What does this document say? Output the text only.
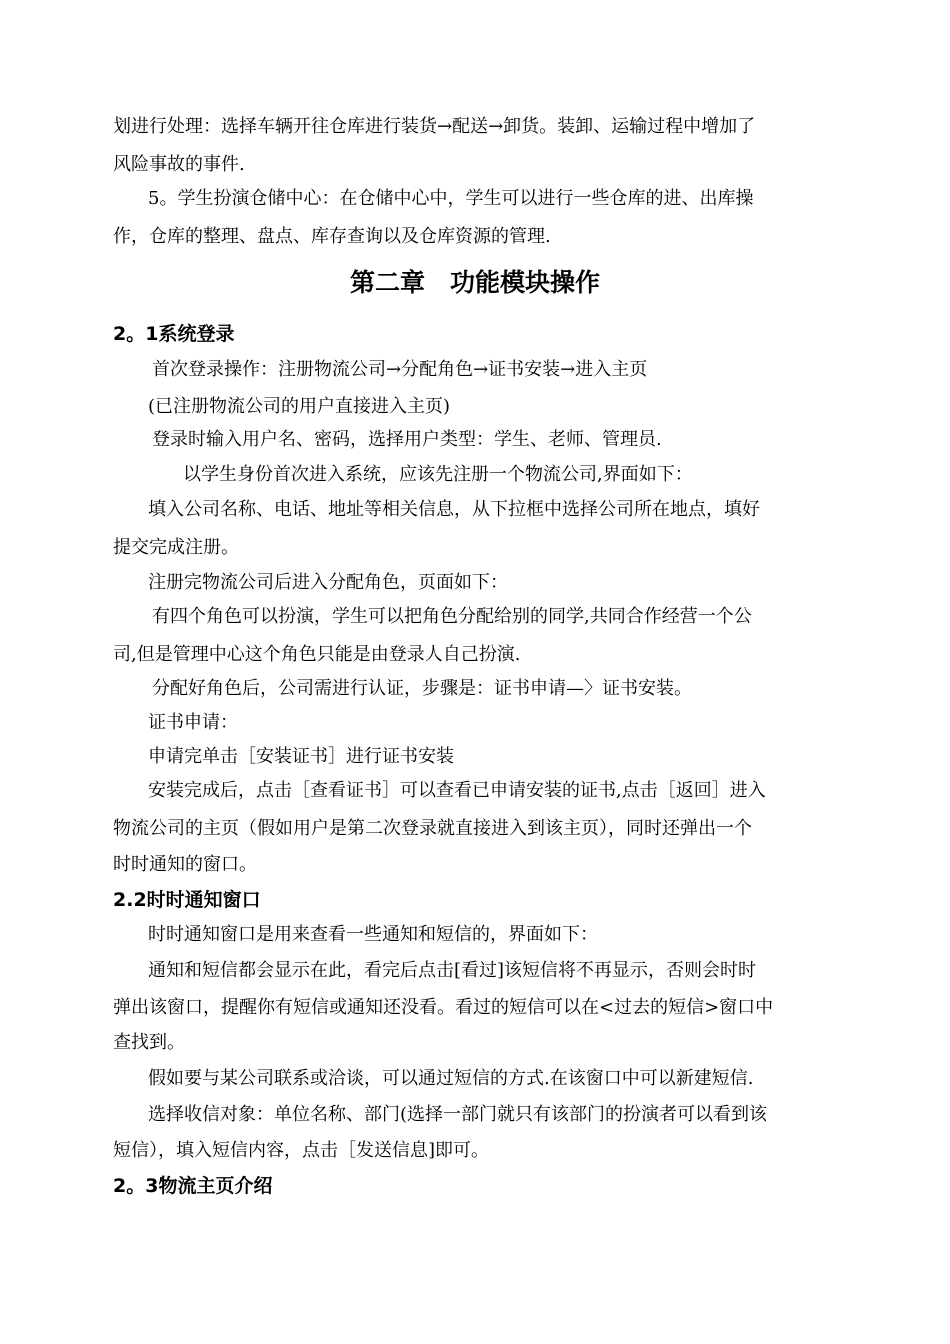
划进行处理：选择车辆开往仓库进行装货→配送→卸货。装卸、运输过程中增加了
风险事故的事件.
5。学生扮演仓储中心：在仓储中心中，学生可以进行一些仓库的进、出库操
作，仓库的整理、盘点、库存查询以及仓库资源的管理.
第二章　功能模块操作
2。1系统登录
首次登录操作：注册物流公司→分配角色→证书安装→进入主页
(已注册物流公司的用户直接进入主页)
登录时输入用户名、密码，选择用户类型：学生、老师、管理员.
以学生身份首次进入系统，应该先注册一个物流公司,界面如下：
填入公司名称、电话、地址等相关信息，从下拉框中选择公司所在地点，填好
提交完成注册。
注册完物流公司后进入分配角色，页面如下：
有四个角色可以扮演，学生可以把角色分配给别的同学,共同合作经营一个公
司,但是管理中心这个角色只能是由登录人自己扮演.
分配好角色后，公司需进行认证，步骤是：证书申请—〉证书安装。
证书申请：
申请完单击［安装证书］进行证书安装
安装完成后，点击［查看证书］可以查看已申请安装的证书,点击［返回］进入
物流公司的主页（假如用户是第二次登录就直接进入到该主页），同时还弹出一个
时时通知的窗口。
2.2时时通知窗口
时时通知窗口是用来查看一些通知和短信的，界面如下：
通知和短信都会显示在此，看完后点击[看过]该短信将不再显示，否则会时时
弹出该窗口，提醒你有短信或通知还没看。看过的短信可以在<过去的短信>窗口中
查找到。
假如要与某公司联系或洽谈，可以通过短信的方式.在该窗口中可以新建短信.
选择收信对象：单位名称、部门(选择一部门就只有该部门的扮演者可以看到该
短信），填入短信内容，点击［发送信息]即可。
2。3物流主页介绍
